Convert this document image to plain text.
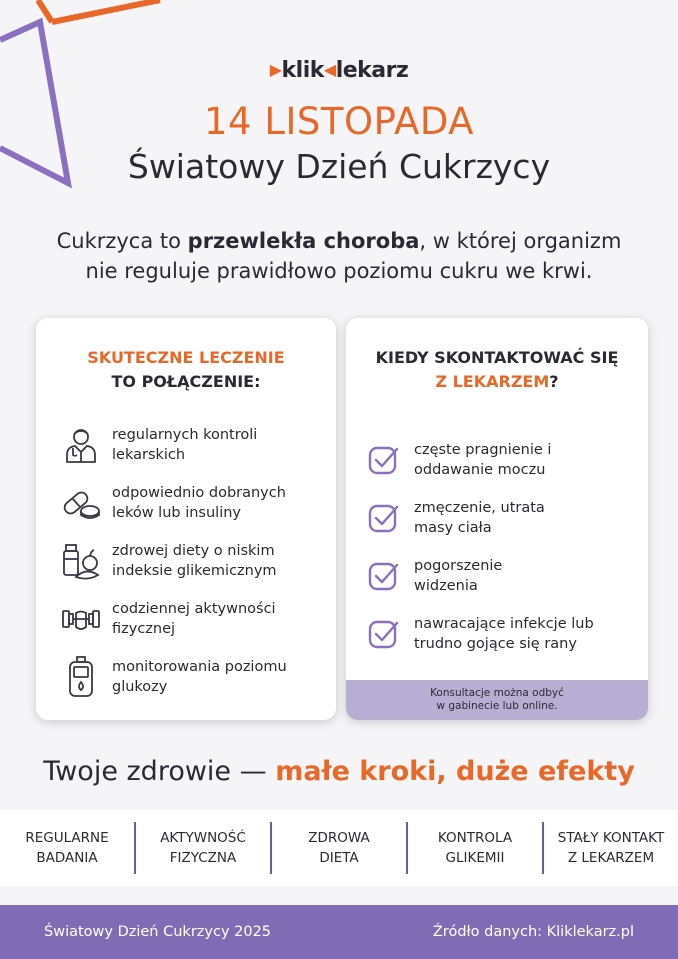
▶klik◀lekarz
14 LISTOPADA
Światowy Dzień Cukrzycy
Cukrzyca to przewlekła choroba, w której organizm
nie reguluje prawidłowo poziomu cukru we krwi.
SKUTECZNE LECZENIE
TO POŁĄCZENIE:
regularnych kontroli
lekarskich
odpowiednio dobranych
leków lub insuliny
zdrowej diety o niskim
indeksie glikemicznym
codziennej aktywności
fizycznej
monitorowania poziomu
glukozy
KIEDY SKONTAKTOWAĆ SIĘ
Z LEKARZEM?
częste pragnienie i
oddawanie moczu
zmęczenie, utrata
masy ciała
pogorszenie
widzenia
nawracające infekcje lub
trudno gojące się rany
Konsultacje można odbyć
w gabinecie lub online.
Twoje zdrowie — małe kroki, duże efekty
REGULARNE
BADANIA
AKTYWNOŚĆ
FIZYCZNA
ZDROWA
DIETA
KONTROLA
GLIKEMII
STAŁY KONTAKT
Z LEKARZEM
Światowy Dzień Cukrzycy 2025	Źródło danych: Kliklekarz.pl
